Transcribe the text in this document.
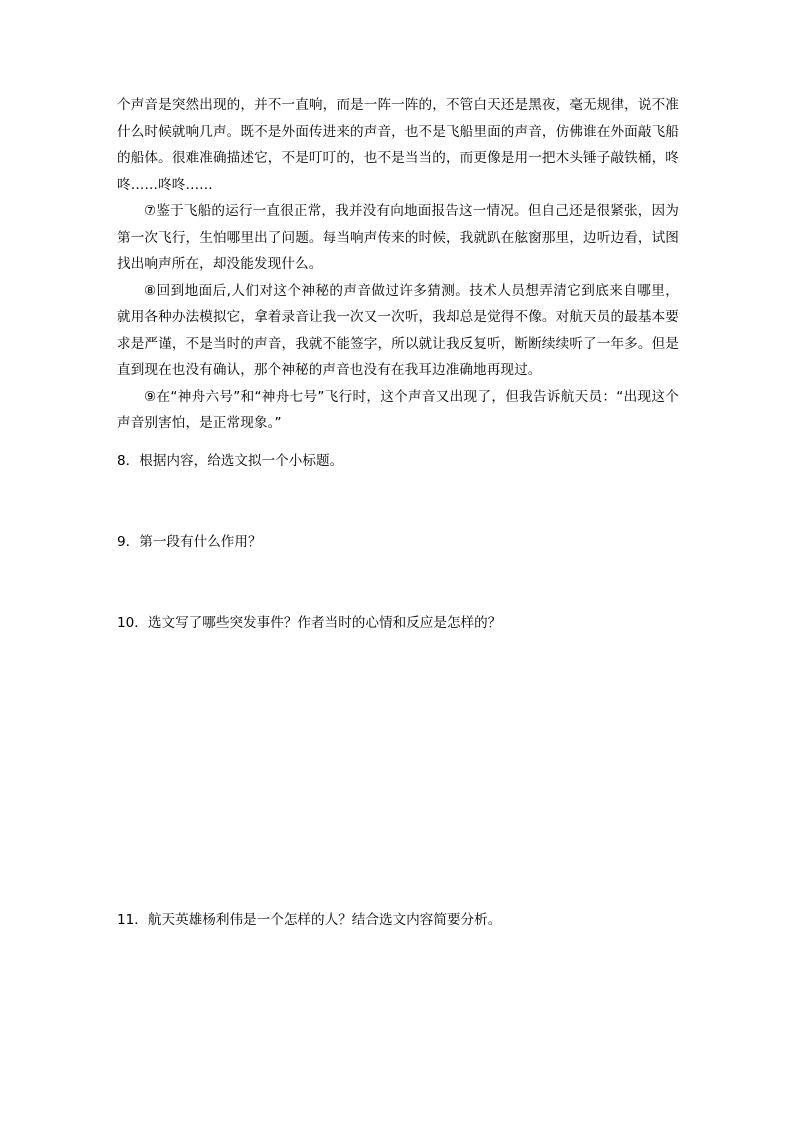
个声音是突然出现的，并不一直响，而是一阵一阵的，不管白天还是黑夜，毫无规律，说不准什么时候就响几声。既不是外面传进来的声音，也不是飞船里面的声音，仿佛谁在外面敲飞船的船体。很难准确描述它，不是叮叮的，也不是当当的，而更像是用一把木头锤子敲铁桶，咚咚……咚咚……

⑦鉴于飞船的运行一直很正常，我并没有向地面报告这一情况。但自己还是很紧张，因为第一次飞行，生怕哪里出了问题。每当响声传来的时候，我就趴在舷窗那里，边听边看，试图找出响声所在，却没能发现什么。

⑧回到地面后,人们对这个神秘的声音做过许多猜测。技术人员想弄清它到底来自哪里，就用各种办法模拟它，拿着录音让我一次又一次听，我却总是觉得不像。对航天员的最基本要求是严谨，不是当时的声音，我就不能签字，所以就让我反复听，断断续续听了一年多。但是直到现在也没有确认，那个神秘的声音也没有在我耳边准确地再现过。

⑨在“神舟六号”和“神舟七号”飞行时，这个声音又出现了，但我告诉航天员：“出现这个声音别害怕，是正常现象。”

8．根据内容，给选文拟一个小标题。

9．第一段有什么作用？

10．选文写了哪些突发事件？作者当时的心情和反应是怎样的？

11．航天英雄杨利伟是一个怎样的人？结合选文内容简要分析。
